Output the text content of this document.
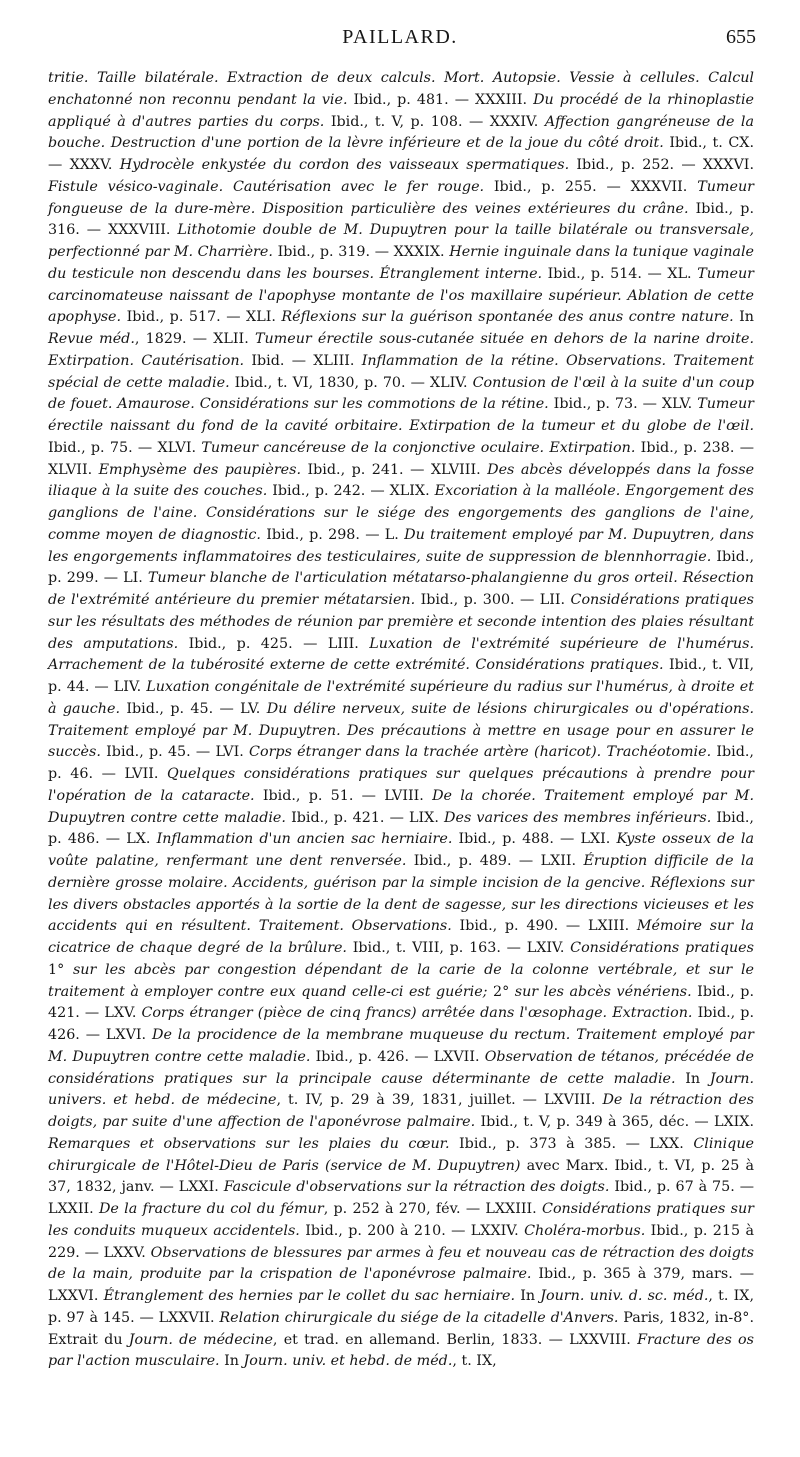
PAILLARD.	655

tritie. Taille bilatérale. Extraction de deux calculs. Mort. Autopsie. Vessie à cellules. Calcul enchatonné non reconnu pendant la vie. Ibid., p. 481. — XXXIII. Du procédé de la rhinoplastie appliqué à d'autres parties du corps. Ibid., t. V, p. 108. — XXXIV. Affection gangréneuse de la bouche. Destruction d'une portion de la lèvre inférieure et de la joue du côté droit. Ibid., t. CX. — XXXV. Hydrocèle enkystée du cordon des vaisseaux spermatiques. Ibid., p. 252. — XXXVI. Fistule vésico-vaginale. Cautérisation avec le fer rouge. Ibid., p. 255. — XXXVII. Tumeur fongueuse de la dure-mère. Disposition particulière des veines extérieures du crâne. Ibid., p. 316. — XXXVIII. Lithotomie double de M. Dupuytren pour la taille bilatérale ou transversale, perfectionné par M. Charrière. Ibid., p. 319. — XXXIX. Hernie inguinale dans la tunique vaginale du testicule non descendu dans les bourses. Étranglement interne. Ibid., p. 514. — XL. Tumeur carcinomateuse naissant de l'apophyse montante de l'os maxillaire supérieur. Ablation de cette apophyse. Ibid., p. 517. — XLI. Réflexions sur la guérison spontanée des anus contre nature. In Revue méd., 1829. — XLII. Tumeur érectile sous-cutanée située en dehors de la narine droite. Extirpation. Cautérisation. Ibid. — XLIII. Inflammation de la rétine. Observations. Traitement spécial de cette maladie. Ibid., t. VI, 1830, p. 70. — XLIV. Contusion de l'œil à la suite d'un coup de fouet. Amaurose. Considérations sur les commotions de la rétine. Ibid., p. 73. — XLV. Tumeur érectile naissant du fond de la cavité orbitaire. Extirpation de la tumeur et du globe de l'œil. Ibid., p. 75. — XLVI. Tumeur cancéreuse de la conjonctive oculaire. Extirpation. Ibid., p. 238. — XLVII. Emphysème des paupières. Ibid., p. 241. — XLVIII. Des abcès développés dans la fosse iliaque à la suite des couches. Ibid., p. 242. — XLIX. Excoriation à la malléole. Engorgement des ganglions de l'aine. Considérations sur le siége des engorgements des ganglions de l'aine, comme moyen de diagnostic. Ibid., p. 298. — L. Du traitement employé par M. Dupuytren, dans les engorgements inflammatoires des testiculaires, suite de suppression de blennhorragie. Ibid., p. 299. — LI. Tumeur blanche de l'articulation métatarso-phalangienne du gros orteil. Résection de l'extrémité antérieure du premier métatarsien. Ibid., p. 300. — LII. Considérations pratiques sur les résultats des méthodes de réunion par première et seconde intention des plaies résultant des amputations. Ibid., p. 425. — LIII. Luxation de l'extrémité supérieure de l'humérus. Arrachement de la tubérosité externe de cette extrémité. Considérations pratiques. Ibid., t. VII, p. 44. — LIV. Luxation congénitale de l'extrémité supérieure du radius sur l'humérus, à droite et à gauche. Ibid., p. 45. — LV. Du délire nerveux, suite de lésions chirurgicales ou d'opérations. Traitement employé par M. Dupuytren. Des précautions à mettre en usage pour en assurer le succès. Ibid., p. 45. — LVI. Corps étranger dans la trachée artère (haricot). Trachéotomie. Ibid., p. 46. — LVII. Quelques considérations pratiques sur quelques précautions à prendre pour l'opération de la cataracte. Ibid., p. 51. — LVIII. De la chorée. Traitement employé par M. Dupuytren contre cette maladie. Ibid., p. 421. — LIX. Des varices des membres inférieurs. Ibid., p. 486. — LX. Inflammation d'un ancien sac herniaire. Ibid., p. 488. — LXI. Kyste osseux de la voûte palatine, renfermant une dent renversée. Ibid., p. 489. — LXII. Éruption difficile de la dernière grosse molaire. Accidents, guérison par la simple incision de la gencive. Réflexions sur les divers obstacles apportés à la sortie de la dent de sagesse, sur les directions vicieuses et les accidents qui en résultent. Traitement. Observations. Ibid., p. 490. — LXIII. Mémoire sur la cicatrice de chaque degré de la brûlure. Ibid., t. VIII, p. 163. — LXIV. Considérations pratiques 1° sur les abcès par congestion dépendant de la carie de la colonne vertébrale, et sur le traitement à employer contre eux quand celle-ci est guérie; 2° sur les abcès vénériens. Ibid., p. 421. — LXV. Corps étranger (pièce de cinq francs) arrêtée dans l'œsophage. Extraction. Ibid., p. 426. — LXVI. De la procidence de la membrane muqueuse du rectum. Traitement employé par M. Dupuytren contre cette maladie. Ibid., p. 426. — LXVII. Observation de tétanos, précédée de considérations pratiques sur la principale cause déterminante de cette maladie. In Journ. univers. et hebd. de médecine, t. IV, p. 29 à 39, 1831, juillet. — LXVIII. De la rétraction des doigts, par suite d'une affection de l'aponévrose palmaire. Ibid., t. V, p. 349 à 365, déc. — LXIX. Remarques et observations sur les plaies du cœur. Ibid., p. 373 à 385. — LXX. Clinique chirurgicale de l'Hôtel-Dieu de Paris (service de M. Dupuytren) avec Marx. Ibid., t. VI, p. 25 à 37, 1832, janv. — LXXI. Fascicule d'observations sur la rétraction des doigts. Ibid., p. 67 à 75. — LXXII. De la fracture du col du fémur, p. 252 à 270, fév. — LXXIII. Considérations pratiques sur les conduits muqueux accidentels. Ibid., p. 200 à 210. — LXXIV. Choléra-morbus. Ibid., p. 215 à 229. — LXXV. Observations de blessures par armes à feu et nouveau cas de rétraction des doigts de la main, produite par la crispation de l'aponévrose palmaire. Ibid., p. 365 à 379, mars. — LXXVI. Étranglement des hernies par le collet du sac herniaire. In Journ. univ. d. sc. méd., t. IX, p. 97 à 145. — LXXVII. Relation chirurgicale du siége de la citadelle d'Anvers. Paris, 1832, in-8°. Extrait du Journ. de médecine, et trad. en allemand. Berlin, 1833. — LXXVIII. Fracture des os par l'action musculaire. In Journ. univ. et hebd. de méd., t. IX,
